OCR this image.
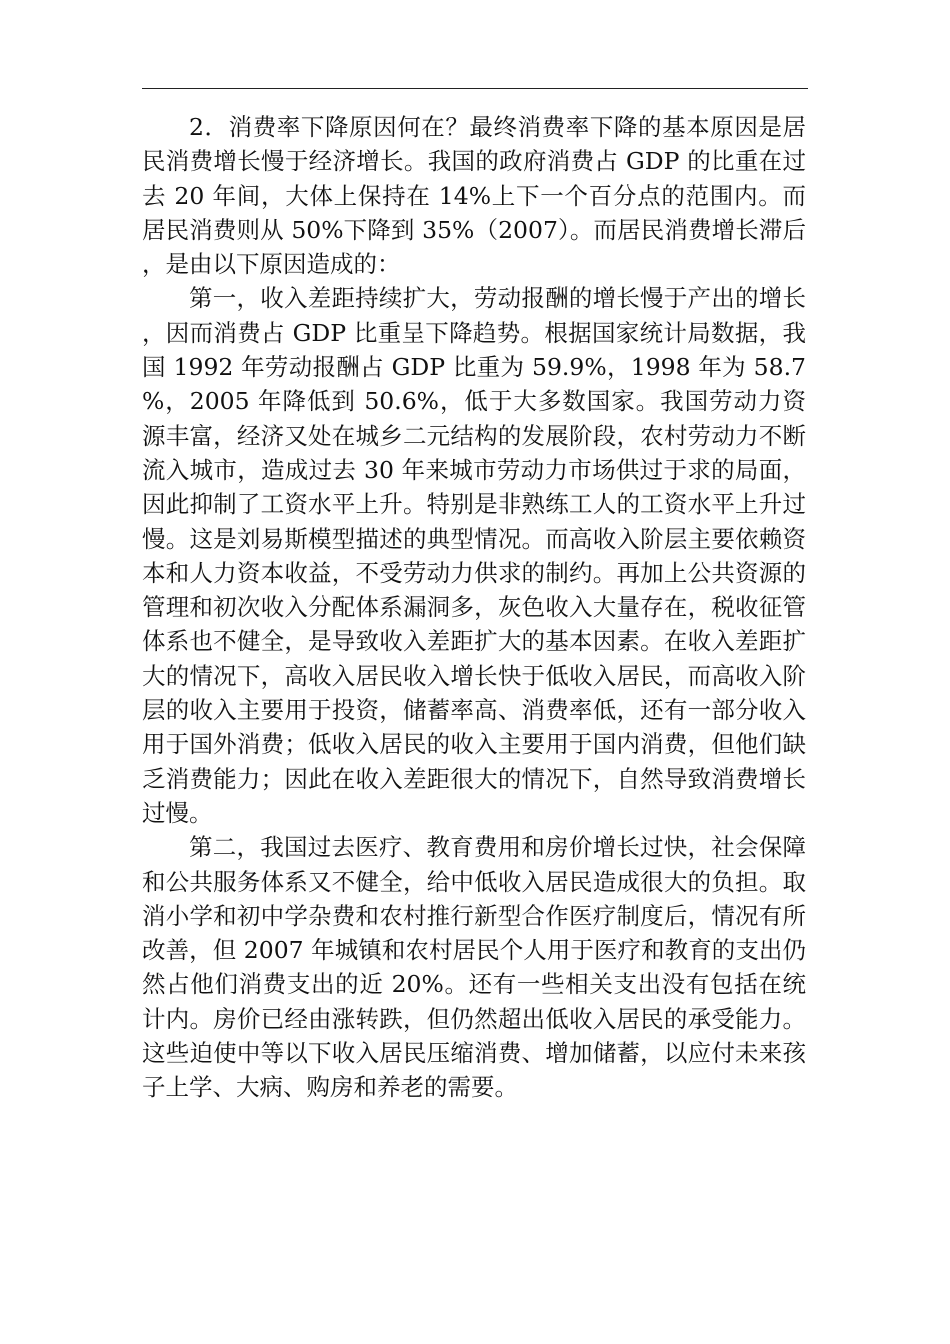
2．消费率下降原因何在？最终消费率下降的基本原因是居民消费增长慢于经济增长。我国的政府消费占 GDP 的比重在过去 20 年间，大体上保持在 14%上下一个百分点的范围内。而居民消费则从 50%下降到 35%（2007）。而居民消费增长滞后，是由以下原因造成的：

第一，收入差距持续扩大，劳动报酬的增长慢于产出的增长，因而消费占 GDP 比重呈下降趋势。根据国家统计局数据，我国 1992 年劳动报酬占 GDP 比重为 59.9%，1998 年为 58.7%，2005 年降低到 50.6%，低于大多数国家。我国劳动力资源丰富，经济又处在城乡二元结构的发展阶段，农村劳动力不断流入城市，造成过去 30 年来城市劳动力市场供过于求的局面，因此抑制了工资水平上升。特别是非熟练工人的工资水平上升过慢。这是刘易斯模型描述的典型情况。而高收入阶层主要依赖资本和人力资本收益，不受劳动力供求的制约。再加上公共资源的管理和初次收入分配体系漏洞多，灰色收入大量存在，税收征管体系也不健全，是导致收入差距扩大的基本因素。在收入差距扩大的情况下，高收入居民收入增长快于低收入居民，而高收入阶层的收入主要用于投资，储蓄率高、消费率低，还有一部分收入用于国外消费；低收入居民的收入主要用于国内消费，但他们缺乏消费能力；因此在收入差距很大的情况下，自然导致消费增长过慢。

第二，我国过去医疗、教育费用和房价增长过快，社会保障和公共服务体系又不健全，给中低收入居民造成很大的负担。取消小学和初中学杂费和农村推行新型合作医疗制度后，情况有所改善，但 2007 年城镇和农村居民个人用于医疗和教育的支出仍然占他们消费支出的近 20%。还有一些相关支出没有包括在统计内。房价已经由涨转跌，但仍然超出低收入居民的承受能力。这些迫使中等以下收入居民压缩消费、增加储蓄，以应付未来孩子上学、大病、购房和养老的需要。
